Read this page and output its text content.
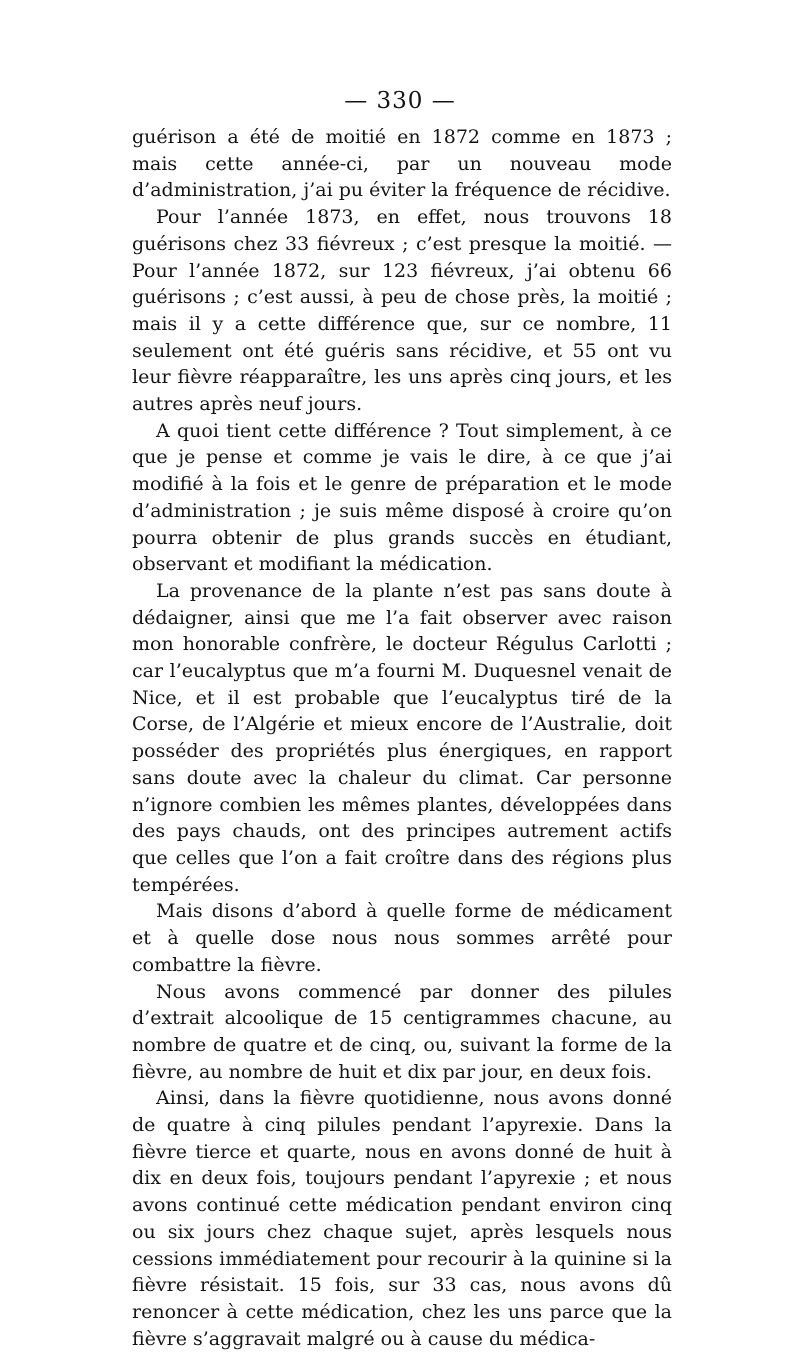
— 330 —

guérison a été de moitié en 1872 comme en 1873 ; mais cette année-ci, par un nouveau mode d’administration, j’ai pu éviter la fréquence de récidive.

Pour l’année 1873, en effet, nous trouvons 18 guérisons chez 33 fiévreux ; c’est presque la moitié. — Pour l’année 1872, sur 123 fiévreux, j’ai obtenu 66 guérisons ; c’est aussi, à peu de chose près, la moitié ; mais il y a cette différence que, sur ce nombre, 11 seulement ont été guéris sans récidive, et 55 ont vu leur fièvre réapparaître, les uns après cinq jours, et les autres après neuf jours.

A quoi tient cette différence ? Tout simplement, à ce que je pense et comme je vais le dire, à ce que j’ai modifié à la fois et le genre de préparation et le mode d’administration ; je suis même disposé à croire qu’on pourra obtenir de plus grands succès en étudiant, observant et modifiant la médication.

La provenance de la plante n’est pas sans doute à dédaigner, ainsi que me l’a fait observer avec raison mon honorable confrère, le docteur Régulus Carlotti ; car l’eucalyptus que m’a fourni M. Duquesnel venait de Nice, et il est probable que l’eucalyptus tiré de la Corse, de l’Algérie et mieux encore de l’Australie, doit posséder des propriétés plus énergiques, en rapport sans doute avec la chaleur du climat. Car personne n’ignore combien les mêmes plantes, développées dans des pays chauds, ont des principes autrement actifs que celles que l’on a fait croître dans des régions plus tempérées.

Mais disons d’abord à quelle forme de médicament et à quelle dose nous nous sommes arrêté pour combattre la fièvre.

Nous avons commencé par donner des pilules d’extrait alcoolique de 15 centigrammes chacune, au nombre de quatre et de cinq, ou, suivant la forme de la fièvre, au nombre de huit et dix par jour, en deux fois.

Ainsi, dans la fièvre quotidienne, nous avons donné de quatre à cinq pilules pendant l’apyrexie. Dans la fièvre tierce et quarte, nous en avons donné de huit à dix en deux fois, toujours pendant l’apyrexie ; et nous avons continué cette médication pendant environ cinq ou six jours chez chaque sujet, après lesquels nous cessions immédiatement pour recourir à la quinine si la fièvre résistait. 15 fois, sur 33 cas, nous avons dû renoncer à cette médication, chez les uns parce que la fièvre s’aggravait malgré ou à cause du médica-
